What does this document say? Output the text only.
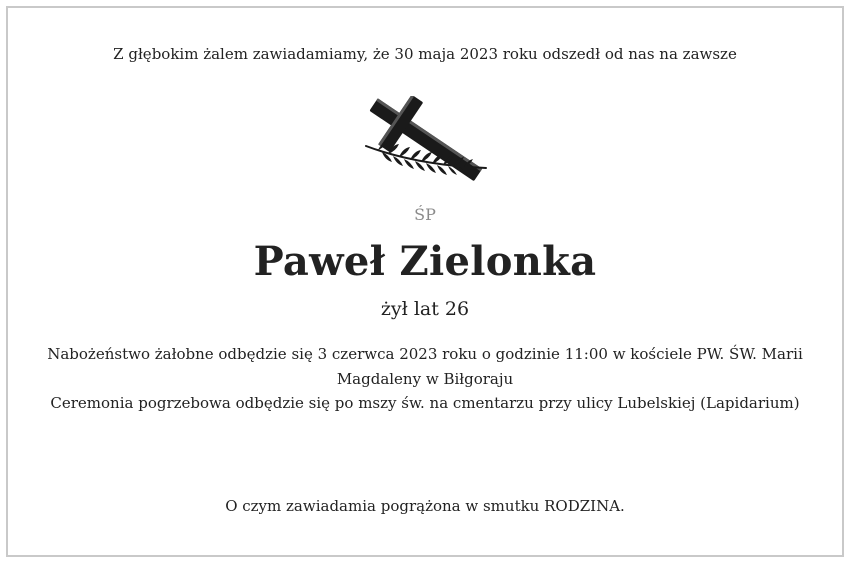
Z głębokim żalem zawiadamiamy, że 30 maja 2023 roku odszedł od nas na zawsze
ŚP
Paweł Zielonka
żył lat 26
Nabożeństwo żałobne odbędzie się 3 czerwca 2023 roku o godzinie 11:00 w kościele PW. ŚW. Marii
Magdaleny w Biłgoraju
Ceremonia pogrzebowa odbędzie się po mszy św. na cmentarzu przy ulicy Lubelskiej (Lapidarium)
O czym zawiadamia pogrążona w smutku RODZINA.
